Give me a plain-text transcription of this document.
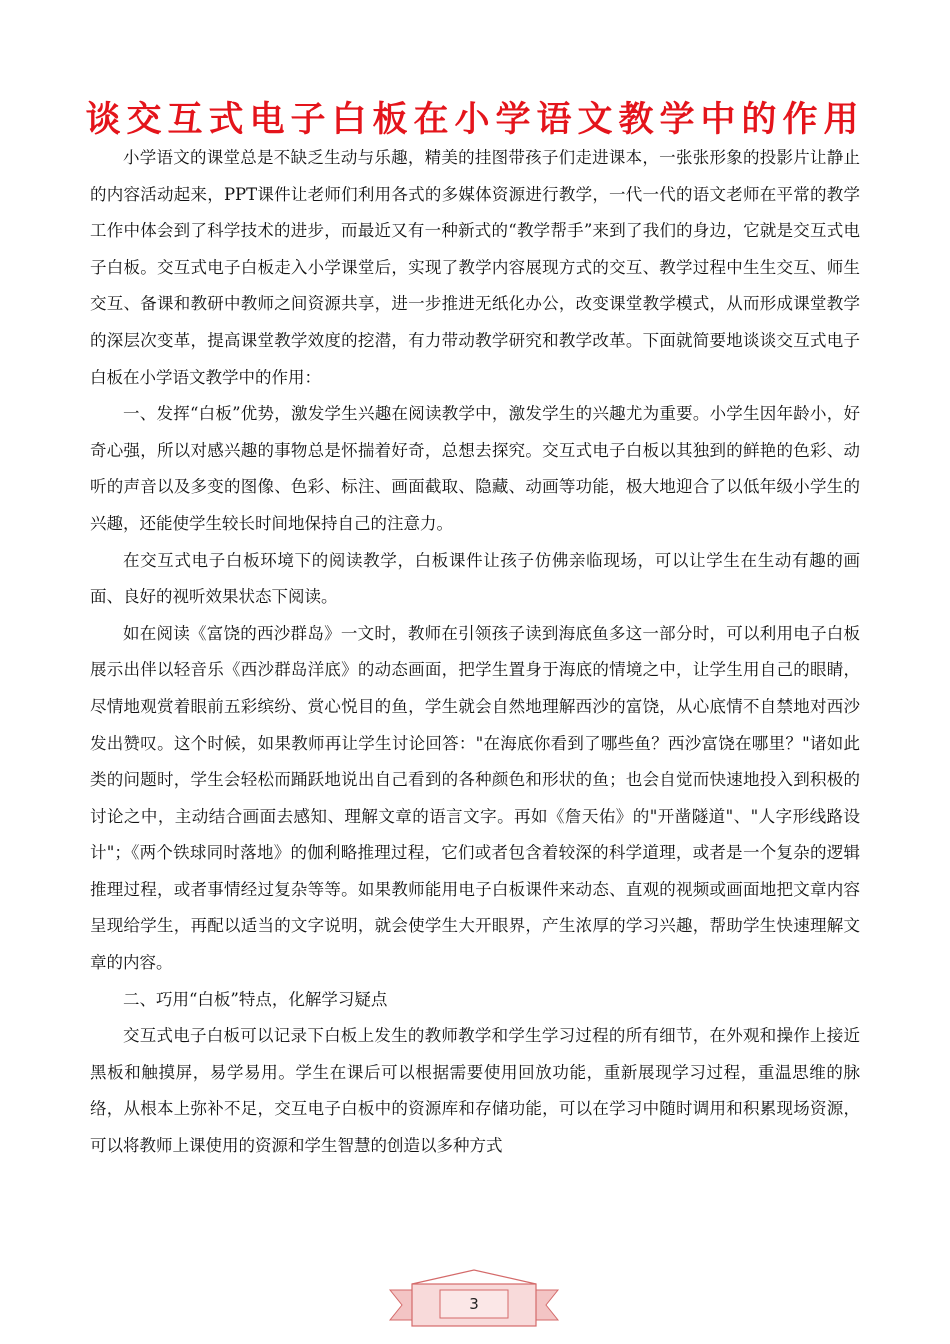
谈交互式电子白板在小学语文教学中的作用

小学语文的课堂总是不缺乏生动与乐趣，精美的挂图带孩子们走进课本，一张张形象的投影片让静止的内容活动起来，PPT课件让老师们利用各式的多媒体资源进行教学，一代一代的语文老师在平常的教学工作中体会到了科学技术的进步，而最近又有一种新式的“教学帮手”来到了我们的身边，它就是交互式电子白板。交互式电子白板走入小学课堂后，实现了教学内容展现方式的交互、教学过程中生生交互、师生交互、备课和教研中教师之间资源共享，进一步推进无纸化办公，改变课堂教学模式，从而形成课堂教学的深层次变革，提高课堂教学效度的挖潜，有力带动教学研究和教学改革。下面就简要地谈谈交互式电子白板在小学语文教学中的作用：

一、发挥“白板”优势，激发学生兴趣在阅读教学中，激发学生的兴趣尤为重要。小学生因年龄小，好奇心强，所以对感兴趣的事物总是怀揣着好奇，总想去探究。交互式电子白板以其独到的鲜艳的色彩、动听的声音以及多变的图像、色彩、标注、画面截取、隐藏、动画等功能，极大地迎合了以低年级小学生的兴趣，还能使学生较长时间地保持自己的注意力。

在交互式电子白板环境下的阅读教学，白板课件让孩子仿佛亲临现场，可以让学生在生动有趣的画面、良好的视听效果状态下阅读。

如在阅读《富饶的西沙群岛》一文时，教师在引领孩子读到海底鱼多这一部分时，可以利用电子白板展示出伴以轻音乐《西沙群岛洋底》的动态画面，把学生置身于海底的情境之中，让学生用自己的眼睛，尽情地观赏着眼前五彩缤纷、赏心悦目的鱼，学生就会自然地理解西沙的富饶，从心底情不自禁地对西沙发出赞叹。这个时候，如果教师再让学生讨论回答："在海底你看到了哪些鱼？西沙富饶在哪里？"诸如此类的问题时，学生会轻松而踊跃地说出自己看到的各种颜色和形状的鱼；也会自觉而快速地投入到积极的讨论之中，主动结合画面去感知、理解文章的语言文字。再如《詹天佑》的"开凿隧道"、"人字形线路设计"；《两个铁球同时落地》的伽利略推理过程，它们或者包含着较深的科学道理，或者是一个复杂的逻辑推理过程，或者事情经过复杂等等。如果教师能用电子白板课件来动态、直观的视频或画面地把文章内容呈现给学生，再配以适当的文字说明，就会使学生大开眼界，产生浓厚的学习兴趣，帮助学生快速理解文章的内容。

二、巧用“白板”特点，化解学习疑点

交互式电子白板可以记录下白板上发生的教师教学和学生学习过程的所有细节，在外观和操作上接近黑板和触摸屏，易学易用。学生在课后可以根据需要使用回放功能，重新展现学习过程，重温思维的脉络，从根本上弥补不足，交互电子白板中的资源库和存储功能，可以在学习中随时调用和积累现场资源，可以将教师上课使用的资源和学生智慧的创造以多种方式

3
